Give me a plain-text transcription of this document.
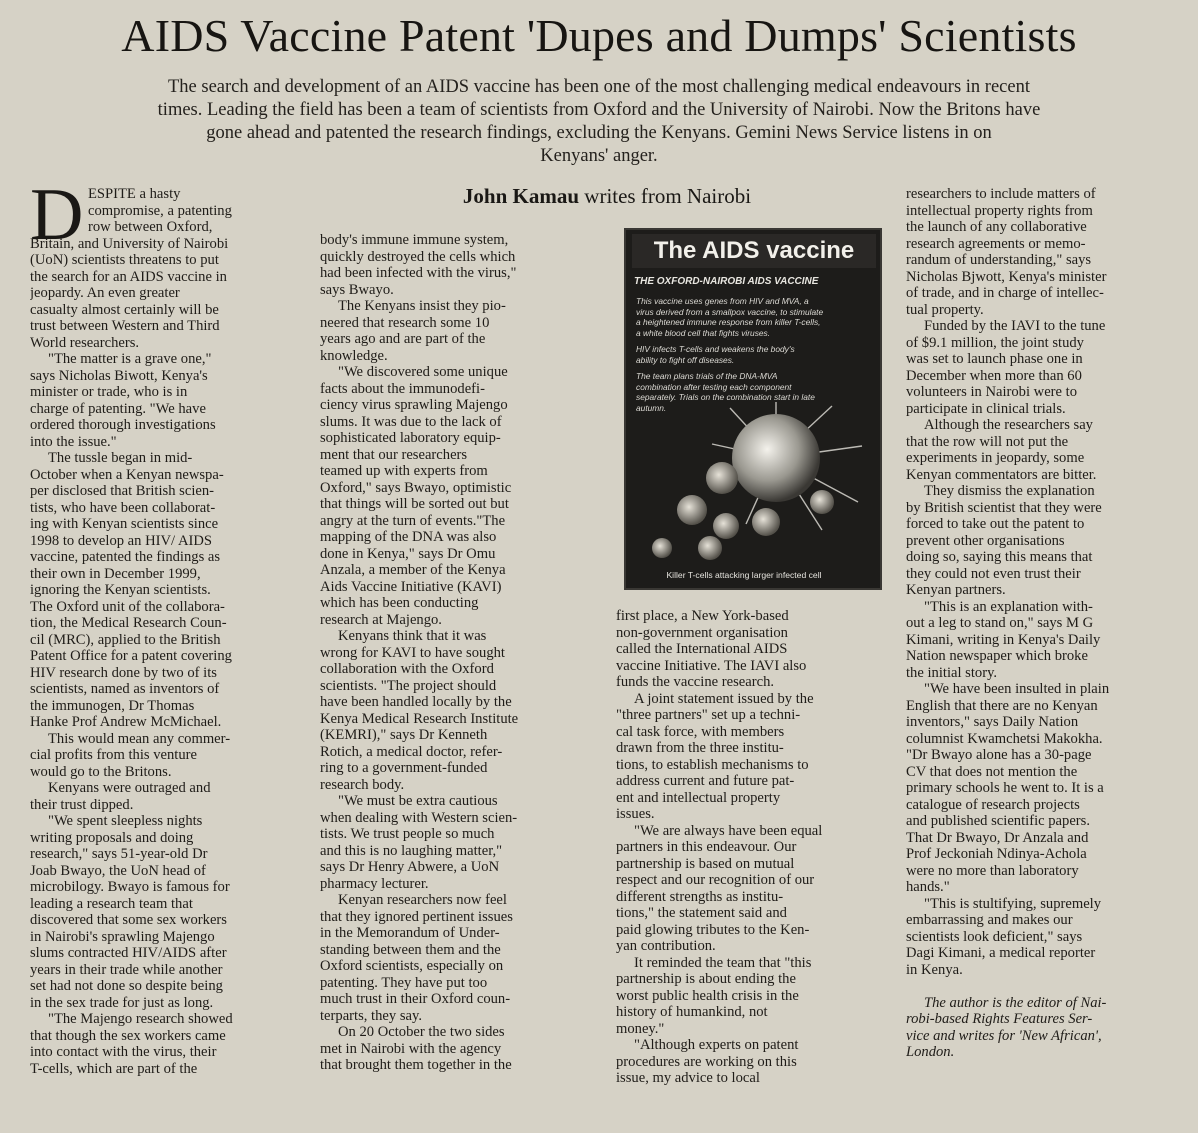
AIDS Vaccine Patent 'Dupes and Dumps' Scientists
The search and development of an AIDS vaccine has been one of the most challenging medical endeavours in recent
times. Leading the field has been a team of scientists from Oxford and the University of Nairobi. Now the Britons have
gone ahead and patented the research findings, excluding the Kenyans. Gemini News Service listens in on
Kenyans' anger.
John Kamau writes from Nairobi
D ESPITE a hasty
compromise, a patenting
row between Oxford,
Britain, and University of Nairobi
(UoN) scientists threatens to put
the search for an AIDS vaccine in
jeopardy. An even greater
casualty almost certainly will be
trust between Western and Third
World researchers.
"The matter is a grave one,"
says Nicholas Biwott, Kenya's
minister or trade, who is in
charge of patenting. "We have
ordered thorough investigations
into the issue."
The tussle began in mid-
October when a Kenyan newspa-
per disclosed that British scien-
tists, who have been collaborat-
ing with Kenyan scientists since
1998 to develop an HIV/ AIDS
vaccine, patented the findings as
their own in December 1999,
ignoring the Kenyan scientists.
The Oxford unit of the collabora-
tion, the Medical Research Coun-
cil (MRC), applied to the British
Patent Office for a patent covering
HIV research done by two of its
scientists, named as inventors of
the immunogen, Dr Thomas
Hanke Prof Andrew McMichael.
This would mean any commer-
cial profits from this venture
would go to the Britons.
Kenyans were outraged and
their trust dipped.
"We spent sleepless nights
writing proposals and doing
research," says 51-year-old Dr
Joab Bwayo, the UoN head of
microbilogy. Bwayo is famous for
leading a research team that
discovered that some sex workers
in Nairobi's sprawling Majengo
slums contracted HIV/AIDS after
years in their trade while another
set had not done so despite being
in the sex trade for just as long.
"The Majengo research showed
that though the sex workers came
into contact with the virus, their
T-cells, which are part of the
body's immune immune system,
quickly destroyed the cells which
had been infected with the virus,"
says Bwayo.
The Kenyans insist they pio-
neered that research some 10
years ago and are part of the
knowledge.
"We discovered some unique
facts about the immunodefi-
ciency virus sprawling Majengo
slums. It was due to the lack of
sophisticated laboratory equip-
ment that our researchers
teamed up with experts from
Oxford," says Bwayo, optimistic
that things will be sorted out but
angry at the turn of events."The
mapping of the DNA was also
done in Kenya," says Dr Omu
Anzala, a member of the Kenya
Aids Vaccine Initiative (KAVI)
which has been conducting
research at Majengo.
Kenyans think that it was
wrong for KAVI to have sought
collaboration with the Oxford
scientists. "The project should
have been handled locally by the
Kenya Medical Research Institute
(KEMRI)," says Dr Kenneth
Rotich, a medical doctor, refer-
ring to a government-funded
research body.
"We must be extra cautious
when dealing with Western scien-
tists. We trust people so much
and this is no laughing matter,"
says Dr Henry Abwere, a UoN
pharmacy lecturer.
Kenyan researchers now feel
that they ignored pertinent issues
in the Memorandum of Under-
standing between them and the
Oxford scientists, especially on
patenting. They have put too
much trust in their Oxford coun-
terparts, they say.
On 20 October the two sides
met in Nairobi with the agency
that brought them together in the
first place, a New York-based
non-government organisation
called the International AIDS
vaccine Initiative. The IAVI also
funds the vaccine research.
A joint statement issued by the
"three partners" set up a techni-
cal task force, with members
drawn from the three institu-
tions, to establish mechanisms to
address current and future pat-
ent and intellectual property
issues.
"We are always have been equal
partners in this endeavour. Our
partnership is based on mutual
respect and our recognition of our
different strengths as institu-
tions," the statement said and
paid glowing tributes to the Ken-
yan contribution.
It reminded the team that "this
partnership is about ending the
worst public health crisis in the
history of humankind, not
money."
"Although experts on patent
procedures are working on this
issue, my advice to local
researchers to include matters of
intellectual property rights from
the launch of any collaborative
research agreements or memo-
randum of understanding," says
Nicholas Bjwott, Kenya's minister
of trade, and in charge of intellec-
tual property.
Funded by the IAVI to the tune
of $9.1 million, the joint study
was set to launch phase one in
December when more than 60
volunteers in Nairobi were to
participate in clinical trials.
Although the researchers say
that the row will not put the
experiments in jeopardy, some
Kenyan commentators are bitter.
They dismiss the explanation
by British scientist that they were
forced to take out the patent to
prevent other organisations
doing so, saying this means that
they could not even trust their
Kenyan partners.
"This is an explanation with-
out a leg to stand on," says M G
Kimani, writing in Kenya's Daily
Nation newspaper which broke
the initial story.
"We have been insulted in plain
English that there are no Kenyan
inventors," says Daily Nation
columnist Kwamchetsi Makokha.
"Dr Bwayo alone has a 30-page
CV that does not mention the
primary schools he went to. It is a
catalogue of research projects
and published scientific papers.
That Dr Bwayo, Dr Anzala and
Prof Jeckoniah Ndinya-Achola
were no more than laboratory
hands."
"This is stultifying, supremely
embarrassing and makes our
scientists look deficient," says
Dagi Kimani, a medical reporter
in Kenya.
The author is the editor of Nai-
robi-based Rights Features Ser-
vice and writes for 'New African',
London.
The AIDS vaccine
THE OXFORD-NAIROBI AIDS VACCINE
This vaccine uses genes from HIV and MVA, a
virus derived from a smallpox vaccine, to stimulate
a heightened immune response from killer T-cells,
a white blood cell that fights viruses.
HIV infects T-cells and weakens the body's
ability to fight off diseases.
The team plans trials of the DNA-MVA
combination after testing each component
separately. Trials on the combination start in late
autumn.
Killer T-cells attacking larger infected cell
